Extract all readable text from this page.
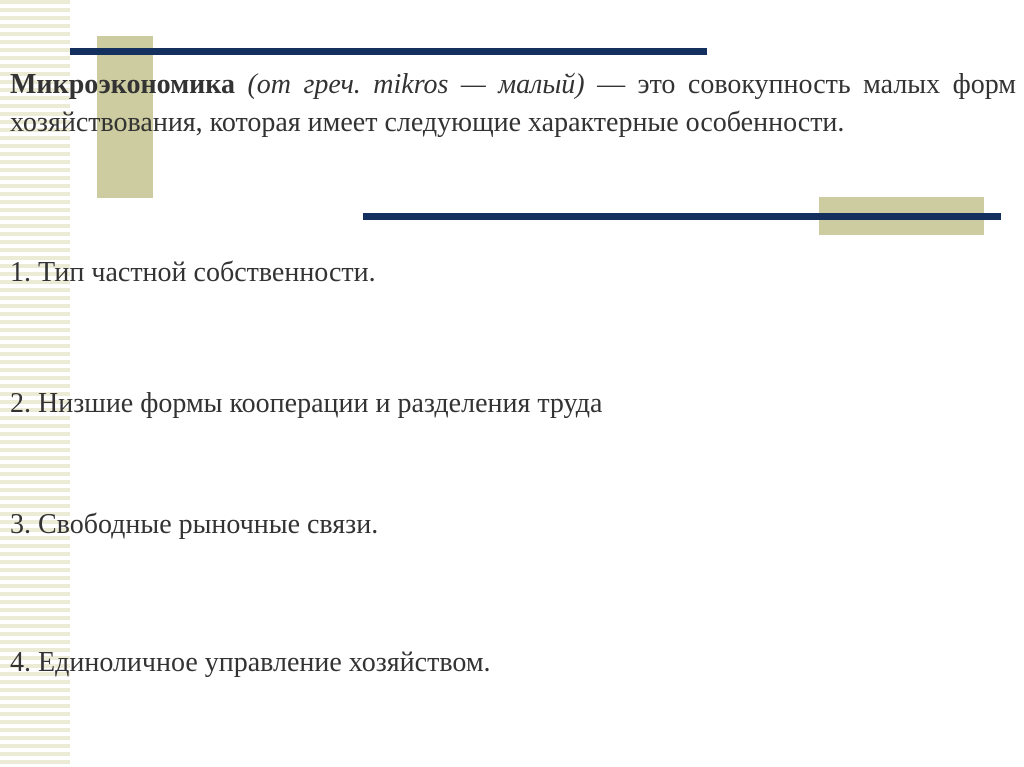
Микроэкономика (от греч. mikros — малый) — это совокупность малых форм хозяйствования, которая имеет следующие характерные особенности.

1. Тип частной собственности.

2. Низшие формы кооперации и разделения труда

3. Свободные рыночные связи.

4. Единоличное управление хозяйством.
